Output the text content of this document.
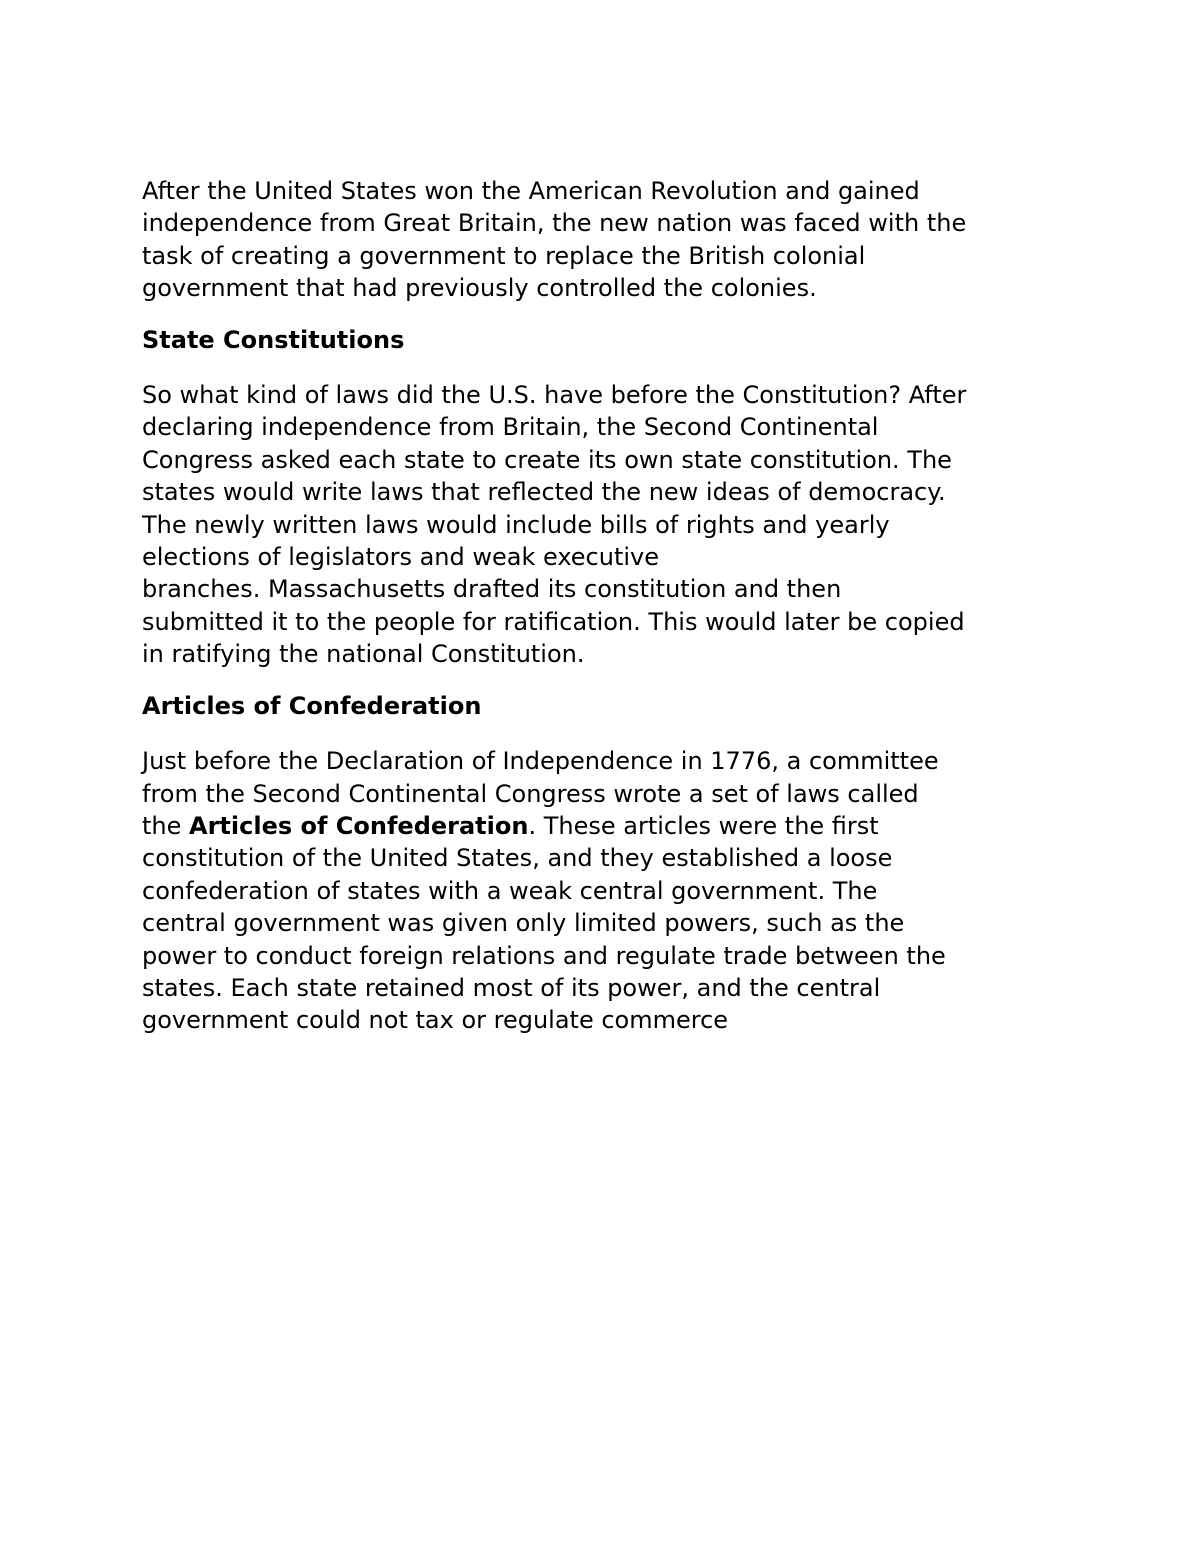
After the United States won the American Revolution and gained
independence from Great Britain, the new nation was faced with the
task of creating a government to replace the British colonial
government that had previously controlled the colonies.

State Constitutions

So what kind of laws did the U.S. have before the Constitution? After
declaring independence from Britain, the Second Continental
Congress asked each state to create its own state constitution. The
states would write laws that reflected the new ideas of democracy.
The newly written laws would include bills of rights and yearly
elections of legislators and weak executive
branches. Massachusetts drafted its constitution and then
submitted it to the people for ratification. This would later be copied
in ratifying the national Constitution.

Articles of Confederation

Just before the Declaration of Independence in 1776, a committee
from the Second Continental Congress wrote a set of laws called
the Articles of Confederation. These articles were the first
constitution of the United States, and they established a loose
confederation of states with a weak central government. The
central government was given only limited powers, such as the
power to conduct foreign relations and regulate trade between the
states. Each state retained most of its power, and the central
government could not tax or regulate commerce
